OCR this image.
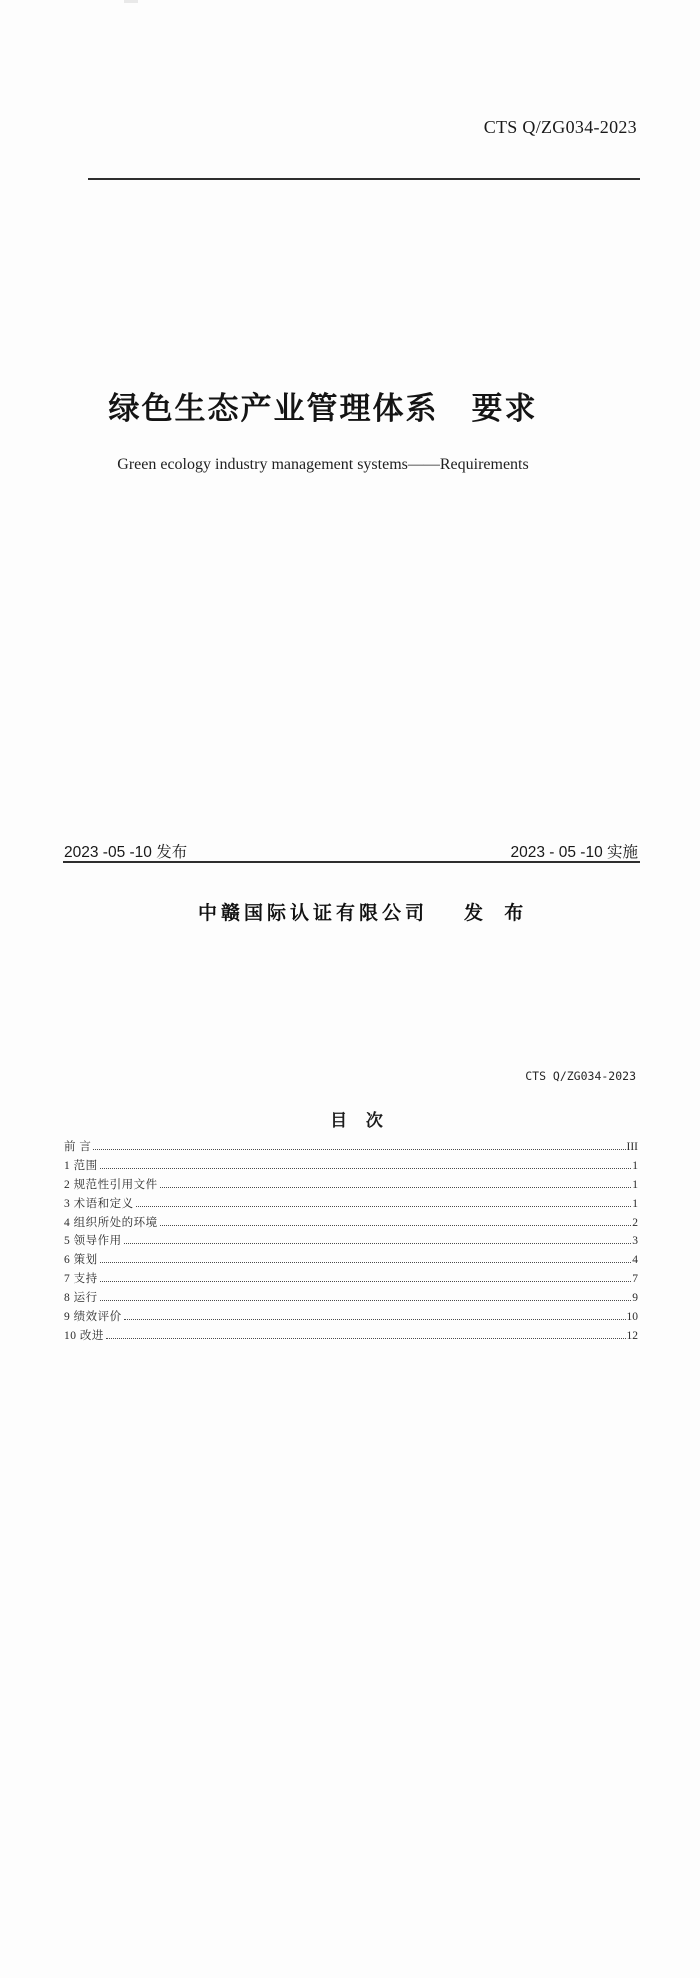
CTS Q/ZG034-2023
绿色生态产业管理体系　要求
Green ecology industry management systems——Requirements
2023 -05 -10 发布	2023 - 05 -10 实施
中赣国际认证有限公司 发 布
CTS Q/ZG034-2023
目 次
前 言	III
1 范围	1
2 规范性引用文件	1
3 术语和定义	1
4 组织所处的环境	2
5 领导作用	3
6 策划	4
7 支持	7
8 运行	9
9 绩效评价	10
10 改进	12
